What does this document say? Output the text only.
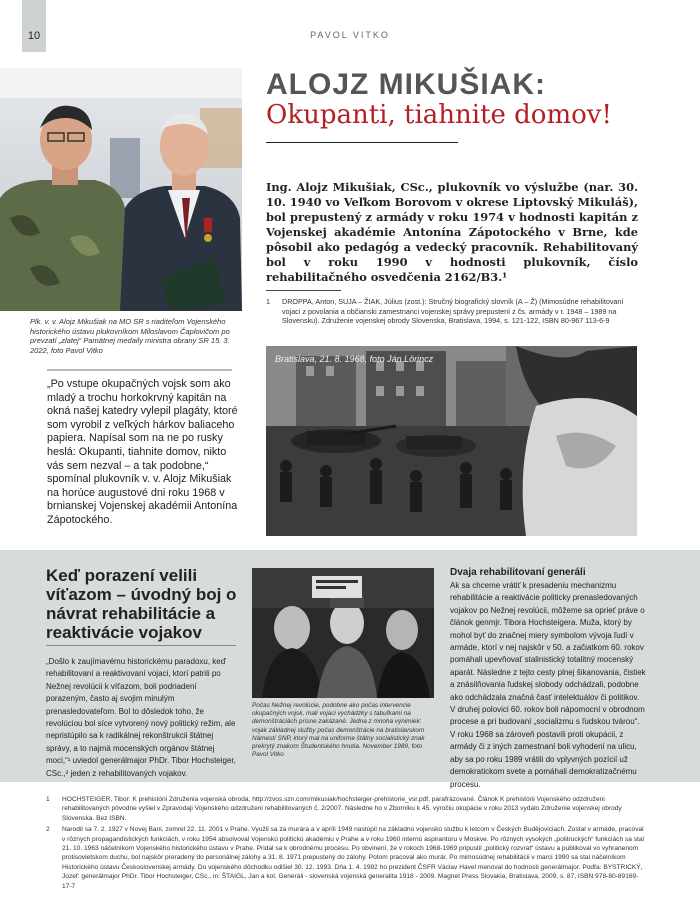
10	PAVOL VITKO
Plk. v. v. Alojz Mikušiak na MO SR s riaditeľom Vojenského historického ústavu plukovníkom Miloslavom Čaplovičom po prevzatí „zlatej“ Pamätnej medaily ministra obrany SR 15. 3. 2022, foto Pavol Vitko
ALOJZ MIKUŠIAK:
Okupanti, tiahnite domov!
Ing. Alojz Mikušiak, CSc., plukovník vo výslužbe (nar. 30. 10. 1940 vo Veľkom Borovom v okrese Liptovský Mikuláš), bol prepustený z armády v roku 1974 v hodnosti kapitán z Vojenskej akadémie Antonína Zápotockého v Brne, kde pôsobil ako pedagóg a vedecký pracovník. Rehabilitovaný bol v roku 1990 v hodnosti plukovník, číslo rehabilitačného osvedčenia 2162/B3.¹
1 DROPPA, Anton, SUJA – ŽIAK, Július (zost.): Stručný biografický slovník (A – Ž) (Mimosúdne rehabilitovaní vojaci z povolania a občianski zamestnanci vojenskej správy prepustení z čs. armády v r. 1948 – 1989 na Slovensku). Združenie vojenskej obrody Slovenska, Bratislava, 1994, s. 121-122, ISBN 80-967 113-6-9
„Po vstupe okupačných vojsk som ako mladý a trochu horkokrvný kapitán na okná našej katedry vylepil plagáty, ktoré som vyrobil z veľkých hárkov baliaceho papiera. Napísal som na ne po rusky heslá: Okupanti, tiahnite domov, nikto vás sem nezval – a tak podobne,“ spomínal plukovník v. v. Alojz Mikušiak na horúce augustové dni roku 1968 v brnianskej Vojenskej akadémii Antonína Zápotockého.
Bratislava, 21. 8. 1968, foto Ján Lörincz
Keď porazení velili víťazom – úvodný boj o návrat rehabilitácie a reaktivácie vojakov
„Došlo k zaujímavému historickému paradoxu, keď rehabilitovaní a reaktivovaní vojaci, ktorí patrili po Nežnej revolúcii k víťazom, boli podriadení porazeným, často aj svojim minulým prenasledovateľom. Bol to dôsledok toho, že revolúciou bol síce vytvorený nový politický režim, ale nepristúpilo sa k radikálnej rekonštrukcii štátnej správy, a to najmä mocenských orgánov štátnej moci,“¹ uviedol generálmajor PhDr. Tibor Hochsteiger, CSc.,² jeden z rehabilitovaných vojakov.
Počas Nežnej revolúcie, podobne ako počas intervencie okupačných vojsk, mali vojaci vychádzky s tabuľkami na demonštráciách prísne zakázané. Jedna z mnoha výnimiek: vojak základnej služby počas demonštrácie na bratislavskom Námestí SNP, ktorý mal na uniforme štátny socialistický znak prekrytý znakom Študentského hnutia. November 1989, foto Pavol Vitko
Dvaja rehabilitovaní generáli
Ak sa chceme vrátiť k presadeniu mechanizmu rehabilitácie a reaktivácie politicky prenasledovaných vojakov po Nežnej revolúcii, môžeme sa oprieť práve o článok genmjr. Tibora Hochsteigera. Muža, ktorý by mohol byť do značnej miery symbolom vývoja ľudí v armáde, ktorí v nej najskôr v 50. a začiatkom 60. rokov pomáhali upevňovať stalinistický totalitný mocenský aparát. Následne z tejto cesty plnej šikanovania, čistiek a znásilňovania ľudskej slobody odchádzali, podobne ako odchádzala značná časť intelektuálov či politikov. V druhej polovici 60. rokov boli nápomocní v obrodnom procese a pri budovaní „socializmu s ľudskou tvárou“. V roku 1968 sa zároveň postavili proti okupácii, z armády či z iných zamestnaní boli vyhodení na ulicu, aby sa po roku 1989 vrátili do vplyvných pozícií už demokratickom svete a pomáhali demokratizačnému procesu.
1 HOCHSTEIGER, Tibor: K prehistórii Združenia vojenská obroda, http://zvos.szn.com/mikusiak/hochsteiger-prehistorie_vsr.pdf, parafrázované. Článok K prehistórii Vojenského odzdruženi rehabilitovaných pôvodne vyšiel v Zpravodaji Vojenského odzdruženi rehabilitovaných č. 2/2007. Následne ho v Zborníku k 45. výročiu okupácie v roku 2013 vydalo Združenie vojenskej obrody Slovenska. Bez ISBN.
2 Narodil sa 7. 2. 1927 v Novej Bani, zomrel 22. 11. 2001 v Prahe. Využil sa za murára a v apríli 1949 nastúpil na základnú vojenskú službu k letcom v Českých Budějoviciach. Zostal v armáde, pracoval v rôznych propagandistických funkciách, v roku 1954 absolvoval Vojenskú politickú akadémiu v Prahe a v roku 1960 internú aspirantúru v Moskve. Po rôznych vysokých „politruckých“ funkciách sa stal 21. 10. 1963 náčelníkom Vojenského historického ústavu v Prahe. Pridal sa k obrodnému procesu. Po obvinení, že v rokoch 1968-1969 pripustil „politický rozvrat“ ústavu a publikoval vo vyhranenom protisovietskom duchu, bol najskôr preradený do personálnej zálohy a 31. 8. 1971 prepustený do zálohy. Potom pracoval ako murár. Po mimosúdnej rehabilitácii v marci 1990 sa stal náčelníkom Historického ústavu Československej armády. Do vojenského dôchodku odišiel 30. 12. 1993. Dňa 1. 4. 1992 ho prezident ČSFR Václav Havel menoval do hodnosti generálmajor. Podľa: BYSTRICKÝ, Jozef: generálmajor PhDr. Tibor Hochsteiger, CSc., in: ŠTAIGL, Jan a kol. Generáli - slovenská vojenská generalita 1918 - 2009. Magnet Press Slovakia, Bratislava, 2009, s. 87, ISBN 978-80-89169-17-7
